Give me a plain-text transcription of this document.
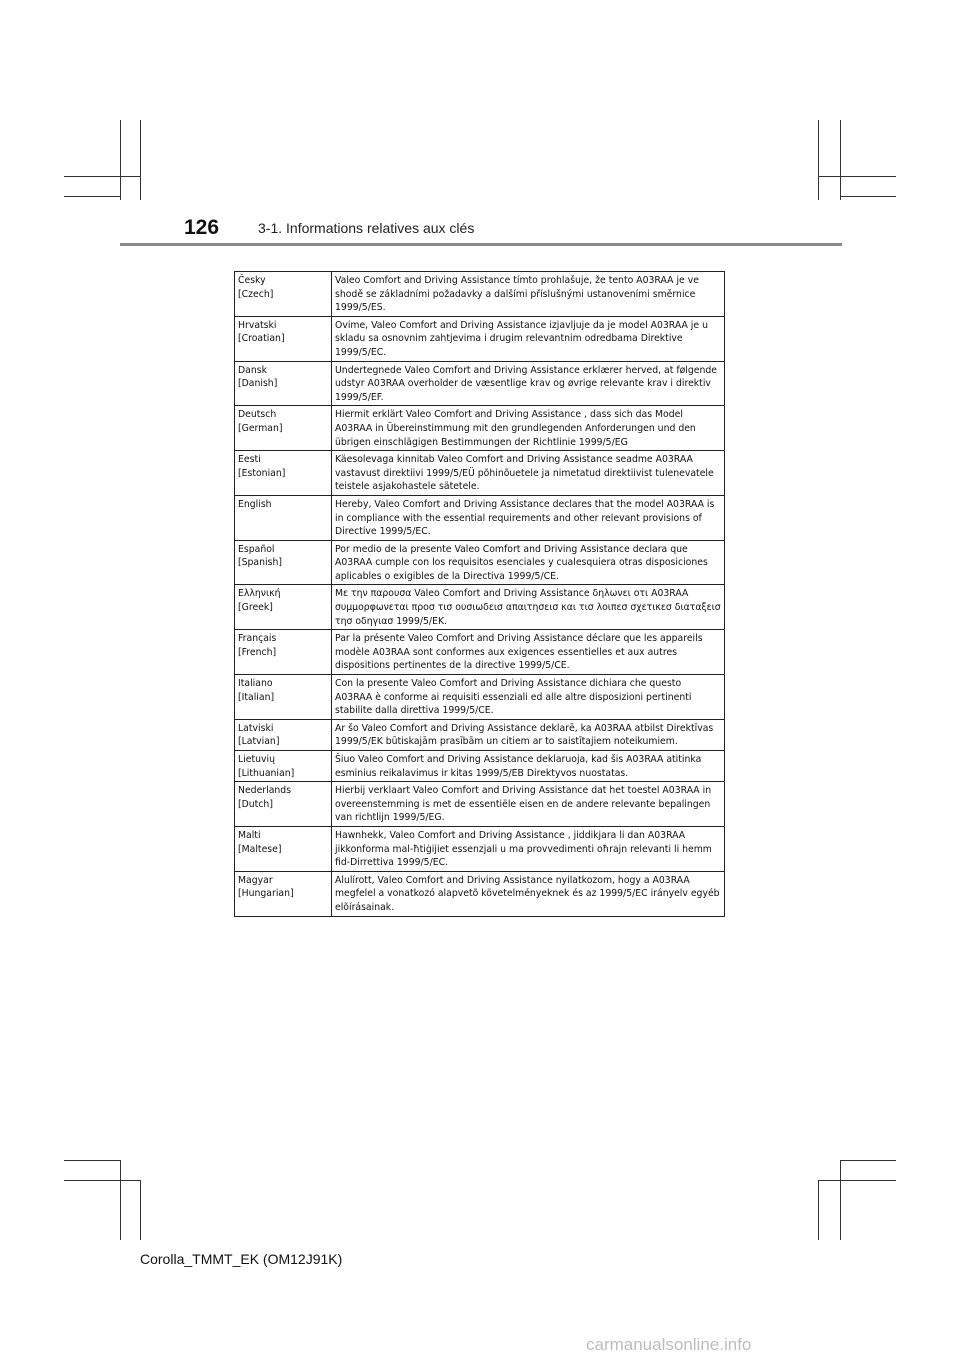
126	3-1. Informations relatives aux clés
Česky
[Czech]	Valeo Comfort and Driving Assistance tímto prohlašuje, že tento A03RAA je ve shodě se základními požadavky a dalšími příslušnými ustanoveními směrnice 1999/5/ES.

Hrvatski
[Croatian]	Ovime, Valeo Comfort and Driving Assistance izjavljuje da je model A03RAA je u skladu sa osnovnim zahtjevima i drugim relevantnim odredbama Direktive 1999/5/EC.

Dansk
[Danish]	Undertegnede Valeo Comfort and Driving Assistance erklærer herved, at følgende udstyr A03RAA overholder de væsentlige krav og øvrige relevante krav i direktiv 1999/5/EF.

Deutsch
[German]	Hiermit erklärt Valeo Comfort and Driving Assistance , dass sich das Model A03RAA in Übereinstimmung mit den grundlegenden Anforderungen und den übrigen einschlägigen Bestimmungen der Richtlinie 1999/5/EG

Eesti
[Estonian]	Käesolevaga kinnitab Valeo Comfort and Driving Assistance seadme A03RAA vastavust direktiivi 1999/5/EÜ põhinõuetele ja nimetatud direktiivist tulenevatele teistele asjakohastele sätetele.

English	Hereby, Valeo Comfort and Driving Assistance declares that the model A03RAA is in compliance with the essential requirements and other relevant provisions of Directive 1999/5/EC.

Español
[Spanish]	Por medio de la presente Valeo Comfort and Driving Assistance declara que A03RAA cumple con los requisitos esenciales y cualesquiera otras disposiciones aplicables o exigibles de la Directiva 1999/5/CE.

Ελληνική
[Greek]	Με την παρουσα Valeo Comfort and Driving Assistance δηλωνει οτι A03RAA συμμορφωνεται προσ τισ ουσιωδεισ απαιτησεισ και τισ λοιπεσ σχετικεσ διαταξεισ τησ οδηγιασ 1999/5/ΕΚ.

Français
[French]	Par la présente Valeo Comfort and Driving Assistance déclare que les appareils modèle A03RAA sont conformes aux exigences essentielles et aux autres dispositions pertinentes de la directive 1999/5/CE.

Italiano
[Italian]	Con la presente Valeo Comfort and Driving Assistance dichiara che questo A03RAA è conforme ai requisiti essenziali ed alle altre disposizioni pertinenti stabilite dalla direttiva 1999/5/CE.

Latviski
[Latvian]	Ar šo Valeo Comfort and Driving Assistance deklarē, ka A03RAA atbilst Direktīvas 1999/5/EK būtiskajām prasībām un citiem ar to saistītajiem noteikumiem.

Lietuvių
[Lithuanian]	Šiuo Valeo Comfort and Driving Assistance deklaruoja, kad šis A03RAA atitinka esminius reikalavimus ir kitas 1999/5/EB Direktyvos nuostatas.

Nederlands
[Dutch]	Hierbij verklaart Valeo Comfort and Driving Assistance dat het toestel A03RAA in overeenstemming is met de essentiële eisen en de andere relevante bepalingen van richtlijn 1999/5/EG.

Malti
[Maltese]	Hawnhekk, Valeo Comfort and Driving Assistance , jiddikjara li dan A03RAA jikkonforma mal-ħtiġijiet essenzjali u ma provvedimenti oħrajn relevanti li hemm fid-Dirrettiva 1999/5/EC.

Magyar
[Hungarian]	Alulírott, Valeo Comfort and Driving Assistance nyilatkozom, hogy a A03RAA megfelel a vonatkozó alapvetõ követelményeknek és az 1999/5/EC irányelv egyéb elõírásainak.
Corolla_TMMT_EK (OM12J91K)
carmanualsonline.info
